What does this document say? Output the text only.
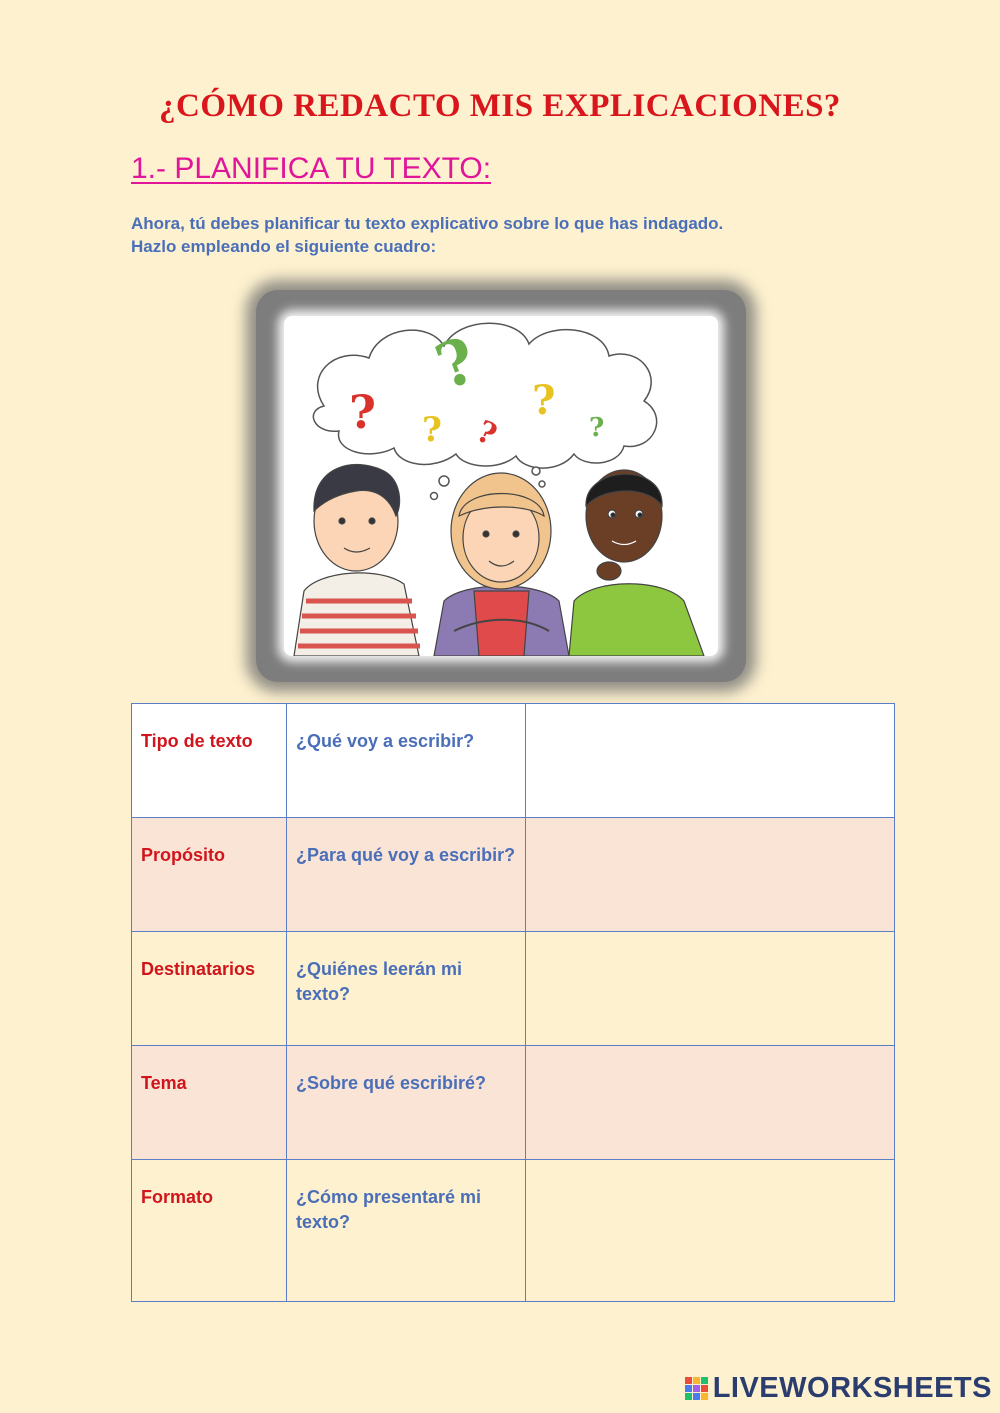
¿CÓMO REDACTO MIS EXPLICACIONES?
1.- PLANIFICA TU TEXTO:
Ahora, tú debes planificar tu texto explicativo sobre lo que has indagado.
Hazlo empleando el siguiente cuadro:
?
?
? ?
?
?
Tipo de texto	¿Qué voy a escribir?	
Propósito	¿Para qué voy a escribir?	
Destinatarios	¿Quiénes leerán mi texto?	
Tema	¿Sobre qué escribiré?	
Formato	¿Cómo presentaré mi texto?	
LIVEWORKSHEETS
